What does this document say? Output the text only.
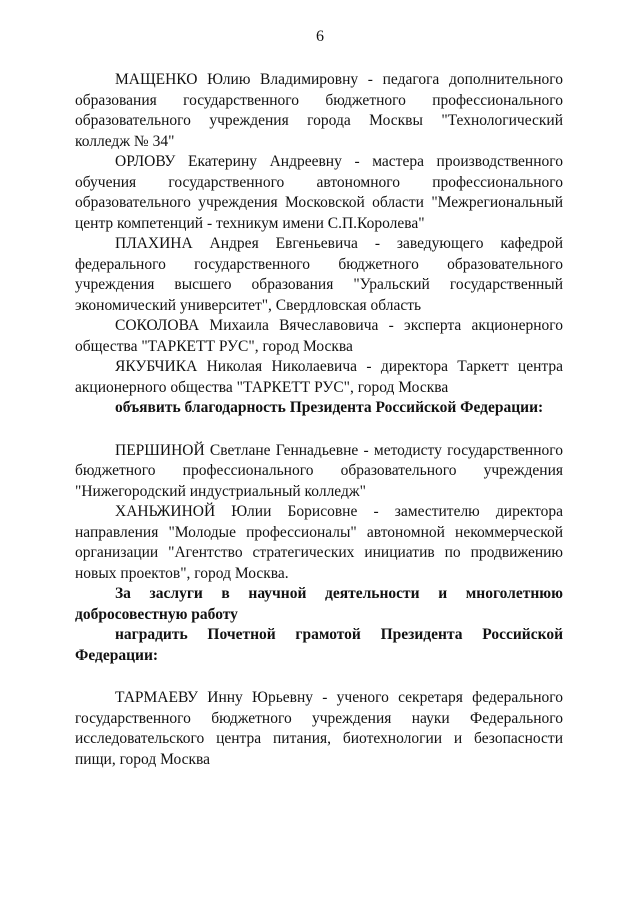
6

МАЩЕНКО Юлию Владимировну - педагога дополнительного образования государственного бюджетного профессионального образовательного учреждения города Москвы "Технологический колледж № 34"

ОРЛОВУ Екатерину Андреевну - мастера производственного обучения государственного автономного профессионального образовательного учреждения Московской области "Межрегиональный центр компетенций - техникум имени С.П.Королева"

ПЛАХИНА Андрея Евгеньевича - заведующего кафедрой федерального государственного бюджетного образовательного учреждения высшего образования "Уральский государственный экономический университет", Свердловская область

СОКОЛОВА Михаила Вячеславовича - эксперта акционерного общества "ТАРКЕТТ РУС", город Москва

ЯКУБЧИКА Николая Николаевича - директора Таркетт центра акционерного общества "ТАРКЕТТ РУС", город Москва

объявить благодарность Президента Российской Федерации:

ПЕРШИНОЙ Светлане Геннадьевне - методисту государственного бюджетного профессионального образовательного учреждения "Нижегородский индустриальный колледж"

ХАНЬЖИНОЙ Юлии Борисовне - заместителю директора направления "Молодые профессионалы" автономной некоммерческой организации "Агентство стратегических инициатив по продвижению новых проектов", город Москва.

За заслуги в научной деятельности и многолетнюю добросовестную работу

наградить Почетной грамотой Президента Российской Федерации:

ТАРМАЕВУ Инну Юрьевну - ученого секретаря федерального государственного бюджетного учреждения науки Федерального исследовательского центра питания, биотехнологии и безопасности пищи, город Москва
